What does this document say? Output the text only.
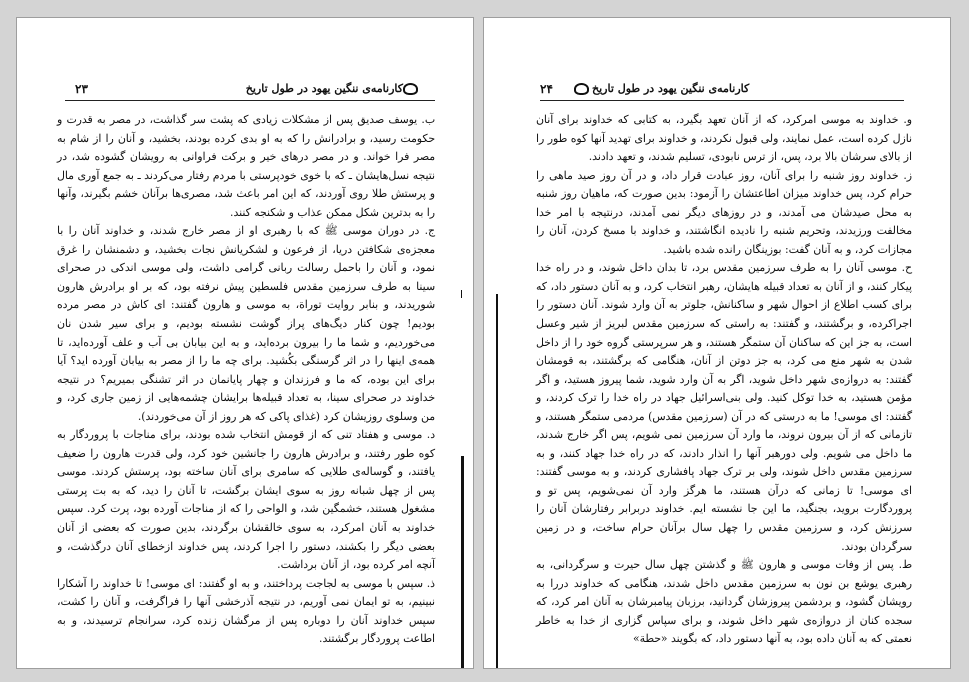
کارنامه‌ی ننگین یهود در طول تاریخ
۲۳

ب. یوسف صدیق پس از مشکلات زیادی که پشت سر گذاشت، در مصر به قدرت و حکومت رسید، و برادرانش را که به او بدی کرده بودند، بخشید، و آنان را از شام به مصر فرا خواند. و در مصر درهای خیر و برکت فراوانی به رویشان گشوده شد، در نتیجه نسل‌هایشان ـ که با خوی خودپرستی با مردم رفتار می‌کردند ـ به جمع آوری مال و پرستش طلا روی آوردند، که این امر باعث شد، مصری‌ها برآنان خشم بگیرند، وآنها را به بدترین شکل ممکن عذاب و شکنجه کنند.

ج. در دوران موسی ﷺ که با رهبری او از مصر خارج شدند، و خداوند آنان را با معجزه‌ی شکافتن دریا، از فرعون و لشکریانش نجات بخشید، و دشمنشان را غرق نمود، و آنان را باحمل رسالت ربانی گرامی داشت، ولی موسی اندکی در صحرای سینا به طرف سرزمین مقدس فلسطین پیش نرفته بود، که بر او برادرش هارون شوریدند، و بنابر روایت توراة، به موسی و هارون گفتند: ای کاش در مصر مرده بودیم! چون کنار دیگ‌های پراز گوشت نشسته بودیم، و برای سیر شدن نان می‌خوردیم، و شما ما را بیرون برده‌اید، و به این بیابان بی آب و علف آورده‌اید، تا همه‌ی اینها را در اثر گرسنگی بکُشید. برای چه ما را از مصر به بیابان آورده اید؟ آیا برای این بوده، که ما و فرزندان و چهار پایانمان در اثر تشنگی بمیریم؟ در نتیجه خداوند در صحرای سینا، به تعداد قبیله‌ها برایشان چشمه‌هایی از زمین جاری کرد، و من وسلوی روزیشان کرد (غذای پاکی که هر روز از آن می‌خوردند).

د. موسی و هفتاد تنی که از قومش انتخاب شده بودند، برای مناجات با پروردگار به کوه طور رفتند، و برادرش هارون را جانشین خود کرد، ولی قدرت هارون را ضعیف یافتند، و گوساله‌ی طلایی که سامری برای آنان ساخته بود، پرستش کردند. موسی پس از چهل شبانه روز به سوی ایشان برگشت، تا آنان را دید، که به بت پرستی مشغول هستند، خشمگین شد، و الواحی را که از مناجات آورده بود، پرت کرد. سپس خداوند به آنان امرکرد، به سوی خالقشان برگردند، بدین صورت که بعضی از آنان بعضی دیگر را بکشند، دستور را اجرا کردند، پس خداوند ازخطای آنان درگذشت، و آنچه امر کرده بود، از آنان برداشت.

ذ. سپس با موسی به لجاجت پرداختند، و به او گفتند: ای موسی! تا خداوند را آشکارا نبینیم، به تو ایمان نمی آوریم، در نتیجه آذرخشی آنها را فراگرفت، و آنان را کشت، سپس خداوند آنان را دوباره پس از مرگشان زنده کرد، سرانجام ترسیدند، و به اطاعت پروردگار برگشتند.

کارنامه‌ی ننگین یهود در طول تاریخ
۲۴

و. خداوند به موسی امرکرد، که از آنان تعهد بگیرد، به کتابی که خداوند برای آنان نازل کرده است، عمل نمایند، ولی قبول نکردند، و خداوند برای تهدید آنها کوه طور را از بالای سرشان بالا برد، پس، از ترس نابودی، تسلیم شدند، و تعهد دادند.

ز. خداوند روز شنبه را برای آنان، روز عبادت قرار داد، و در آن روز صید ماهی را حرام کرد، پس خداوند میزان اطاعتشان را آزمود: بدین صورت که، ماهیان روز شنبه به محل صیدشان می آمدند، و در روزهای دیگر نمی آمدند، درنتیجه با امر خدا مخالفت ورزیدند، وتحریم شنبه را نادیده انگاشتند، و خداوند با مسخ کردن، آنان را مجازات کرد، و به آنان گفت: بوزینگان رانده شده باشید.

ح. موسی آنان را به طرف سرزمین مقدس برد، تا بدان داخل شوند، و در راه خدا پیکار کنند، و از آنان به تعداد قبیله هایشان، رهبر انتخاب کرد، و به آنان دستور داد، که برای کسب اطلاع از احوال شهر و ساکنانش، جلوتر به آن وارد شوند. آنان دستور را اجراکرده، و برگشتند، و گفتند: به راستی که سرزمین مقدس لبریز از شیر وعسل است، به جز این که ساکنان آن ستمگر هستند، و هر سرپرستی گروه خود را از داخل شدن به شهر منع می کرد، به جز دوتن از آنان، هنگامی که برگشتند، به قومشان گفتند: به دروازه‌ی شهر داخل شوید، اگر به آن وارد شوید، شما پیروز هستید، و اگر مؤمن هستید، به خدا توکل کنید. ولی بنی‌اسرائیل جهاد در راه خدا را ترک کردند، و گفتند: ای موسی! ما به درستی که در آن (سرزمین مقدس) مردمی ستمگر هستند، و تازمانی که از آن بیرون نروند، ما وارد آن سرزمین نمی شویم، پس اگر خارج شدند، ما داخل می شویم. ولی دورهبر آنها را انذار دادند، که در راه خدا جهاد کنند، و به سرزمین مقدس داخل شوند، ولی بر ترک جهاد پافشاری کردند، و به موسی گفتند: ای موسی! تا زمانی که درآن هستند، ما هرگز وارد آن نمی‌شویم، پس تو و پروردگارت بروید، بجنگید، ما این جا نشسته ایم. خداوند دربرابر رفتارشان آنان را سرزنش کرد، و سرزمین مقدس را چهل سال برآنان حرام ساخت، و در زمین سرگردان بودند.

ط. پس از وفات موسی و هارون ﷺ و گذشتن چهل سال حیرت و سرگردانی، به رهبری یوشع بن نون به سرزمین مقدس داخل شدند، هنگامی که خداوند دررا به رویشان گشود، و بردشمن پیروزشان گردانید، برزبان پیامبرشان به آنان امر کرد، که سجده کنان از دروازه‌ی شهر داخل شوند، و برای سپاس گزاری از خدا به خاطر نعمتی که به آنان داده بود، به آنها دستور داد، که بگویند «حطة»
